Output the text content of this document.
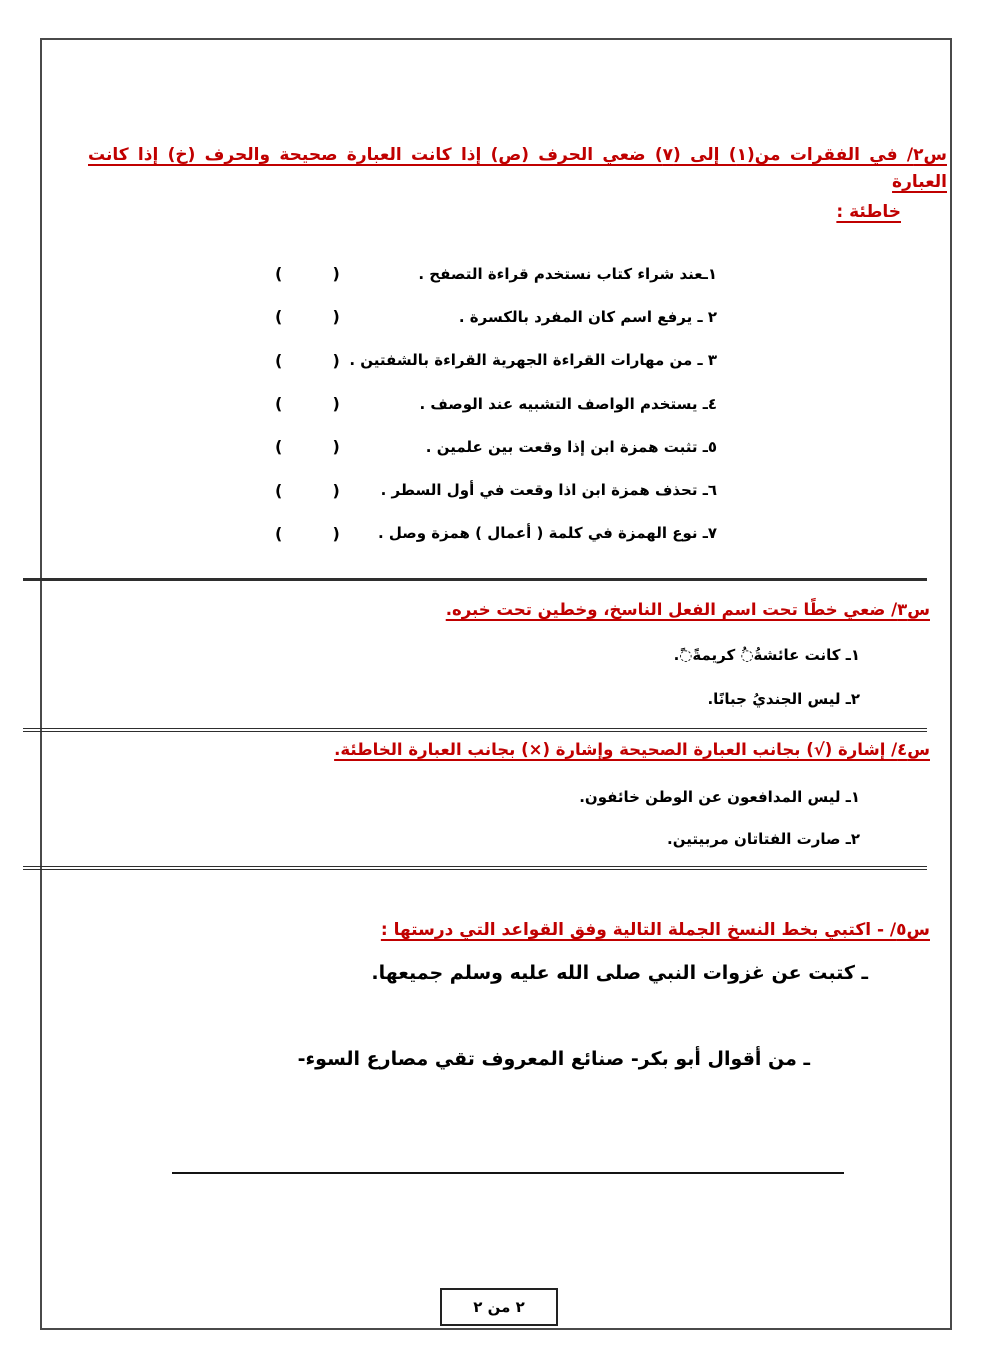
س٢/ في الفقرات من(١) إلى (٧) ضعي الحرف (ص) إذا كانت العبارة صحيحة والحرف (خ) إذا كانت العبارة
خاطئة :
١ـعند شراء كتاب نستخدم قراءة التصفح .
(         )
٢ ـ يرفع اسم كان المفرد بالكسرة .
(         )
٣ ـ من مهارات القراءة الجهرية القراءة بالشفتين .
(         )
٤ـ يستخدم الواصف التشبيه عند الوصف .
(         )
٥ـ تثبت همزة ابن إذا وقعت بين علمين .
(         )
٦ـ تحذف همزة ابن اذا وقعت في أول السطر .
(         )
٧ـ نوع الهمزة في كلمة ( أعمال ) همزة وصل .
(         )
س٣/ ضعي خطًا تحت اسم الفعل الناسخ، وخطين تحت خبره.
١ـ كانت عائشةُ◌ُ كريمةً◌ً.
٢ـ ليس الجنديُ جبانًا.
س٤/ إشارة (√) بجانب العبارة الصحيحة وإشارة (×) بجانب العبارة الخاطئة.
١ـ ليس المدافعون عن الوطن خائفون.
٢ـ صارت الفتاتان مربيتين.
س٥/ - اكتبي بخط النسخ الجملة التالية وفق القواعد التي درستها :
ـ كتبت عن غزوات النبي صلى الله عليه وسلم جميعها.
ـ من أقوال أبو بكر- صنائع المعروف تقي مصارع السوء-
٢ من ٢
